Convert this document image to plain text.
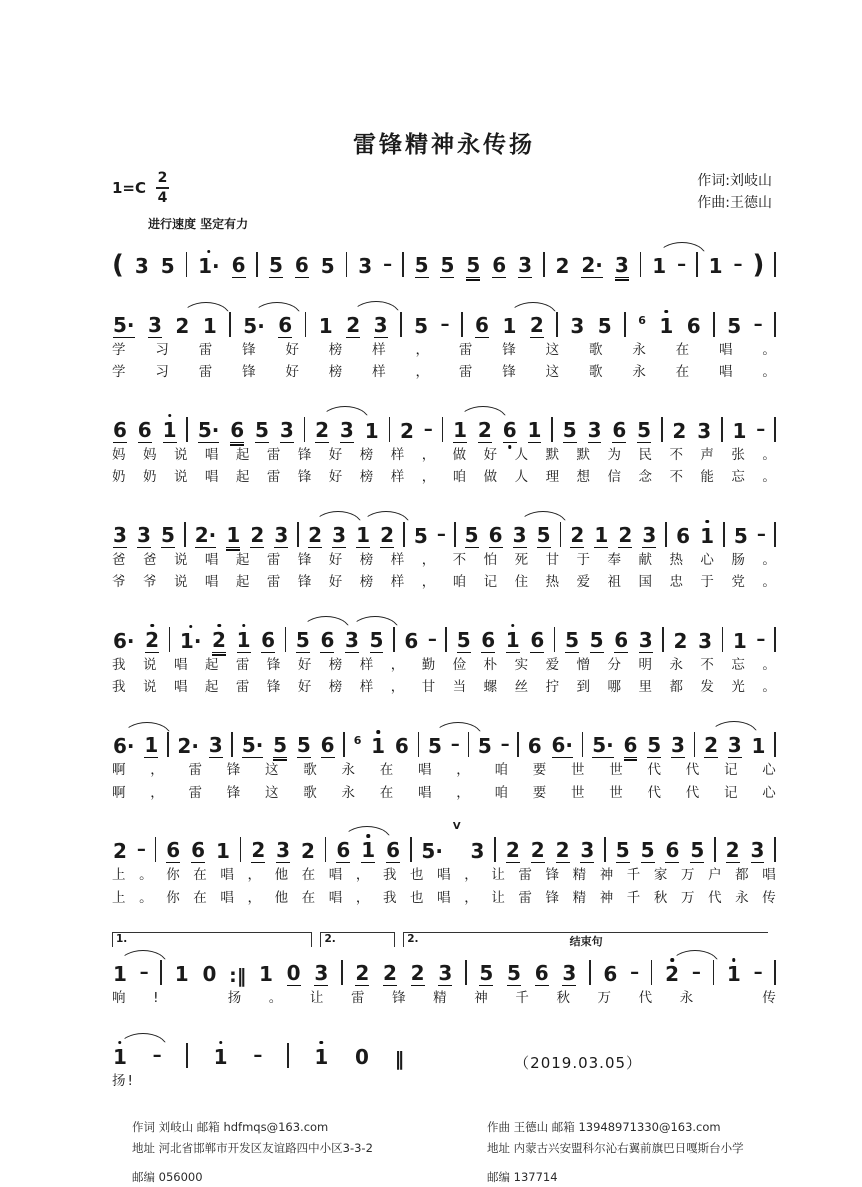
雷锋精神永传扬
1=C
2
4
进行速度 坚定有力
作词:刘岐山
作曲:王德山
( 3 5 1· 6 5 6 5 3 – 5 5 5 6 3 2 2· 3 1 – 1 – )
5· 3 2 1 5· 6 1 2 3 5 – 6 1 2 3 5 6 1 6 5 –
学 习 雷 锋 好 榜 样 ， 雷 锋 这 歌 永 在 唱 。
学 习 雷 锋 好 榜 样 ， 雷 锋 这 歌 永 在 唱 。
6 6 1 5· 6 5 3 2 3 1 2 – 1 2 6 1 5 3 6 5 2 3 1 –
妈 妈 说 唱 起 雷 锋 好 榜 样 ， 做 好 人 默 默 为 民 不 声 张 。
奶 奶 说 唱 起 雷 锋 好 榜 样 ， 咱 做 人 理 想 信 念 不 能 忘 。
3 3 5 2· 1 2 3 2 3 1 2 5 – 5 6 3 5 2 1 2 3 6 1 5 –
爸 爸 说 唱 起 雷 锋 好 榜 样 ， 不 怕 死 甘 于 奉 献 热 心 肠 。
爷 爷 说 唱 起 雷 锋 好 榜 样 ， 咱 记 住 热 爱 祖 国 忠 于 党 。
6· 2 1· 2 1 6 5 6 3 5 6 – 5 6 1 6 5 5 6 3 2 3 1 –
我 说 唱 起 雷 锋 好 榜 样 ， 勤 俭 朴 实 爱 憎 分 明 永 不 忘 。
我 说 唱 起 雷 锋 好 榜 样 ， 甘 当 螺 丝 拧 到 哪 里 都 发 光 。
6· 1 2· 3 5· 5 5 6 6 1 6 5 – 5 – 6 6· 5· 6 5 3 2 3 1
啊 ， 雷 锋 这 歌 永 在 唱 ， 咱 要 世 世 代 代 记 心
啊 ， 雷 锋 这 歌 永 在 唱 ， 咱 要 世 世 代 代 记 心
2 – 6 6 1 2 3 2 6 1 6 5·
V
3 2 2 2 3 5 5 6 5 2 3
上 。 你 在 唱 ， 他 在 唱 ， 我 也 唱 ， 让 雷 锋 精 神 千 家 万 户 都 唱
上 。 你 在 唱 ， 他 在 唱 ， 我 也 唱 ， 让 雷 锋 精 神 千 秋 万 代 永 传
1.	2.	2.	结束句
1 – 1 0 :‖ 1 0 3 2 2 2 3 5 5 6 3 6 – 2 – 1 –
响 !	扬 。 让 雷 锋 精 神 千 秋 万 代 永	传
1 –	1 –	1 0 ‖
扬 !
（2019.03.05）
作词 刘岐山 邮箱 hdfmqs@163.com
地址 河北省邯郸市开发区友谊路四中小区3-3-2
邮编 056000
作曲 王德山 邮箱 13948971330@163.com
地址 内蒙古兴安盟科尔沁右翼前旗巴日嘎斯台小学
邮编 137714
